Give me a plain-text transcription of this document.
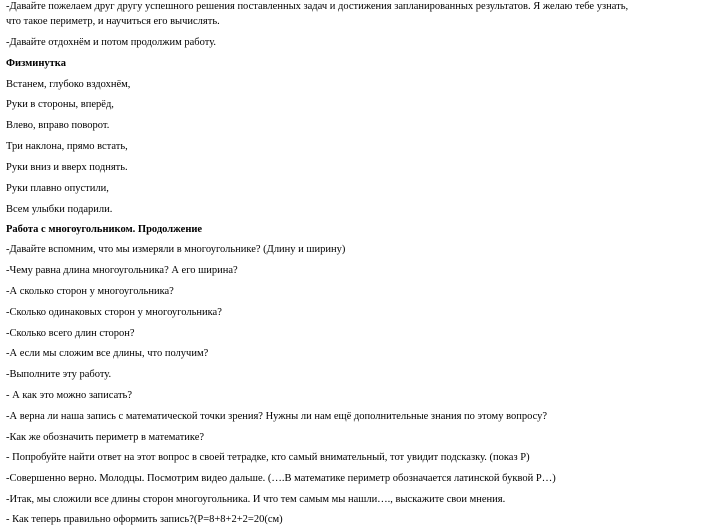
-Давайте пожелаем друг другу успешного решения поставленных задач и достижения запланированных результатов. Я желаю тебе узнать,
что такое периметр, и научиться его вычислять.
-Давайте отдохнём и потом продолжим работу.
Физминутка
Встанем, глубоко вздохнём,
Руки в стороны, вперёд,
Влево, вправо поворот.
Три наклона, прямо встать,
Руки вниз и вверх поднять.
Руки плавно опустили,
Всем улыбки подарили.
Работа с многоугольником. Продолжение
-Давайте вспомним, что мы измеряли в многоугольнике? (Длину и ширину)
-Чему равна длина многоугольника? А его ширина?
-А сколько сторон у многоугольника?
-Сколько одинаковых сторон у многоугольника?
-Сколько всего длин сторон?
-А если мы сложим все длины, что получим?
-Выполните эту работу.
- А как это можно записать?
-А верна ли наша запись с математической точки зрения? Нужны ли нам ещё дополнительные знания по этому вопросу?
-Как же обозначить периметр в математике?
- Попробуйте найти ответ на этот вопрос в своей тетрадке, кто самый внимательный, тот увидит подсказку. (показ Р)
-Совершенно верно. Молодцы. Посмотрим видео дальше. (….В математике периметр обозначается латинской буквой Р…)
-Итак, мы сложили все длины сторон многоугольника. И что тем самым мы нашли…., выскажите свои мнения.
- Как теперь правильно оформить запись?(Р=8+8+2+2=20(см)
